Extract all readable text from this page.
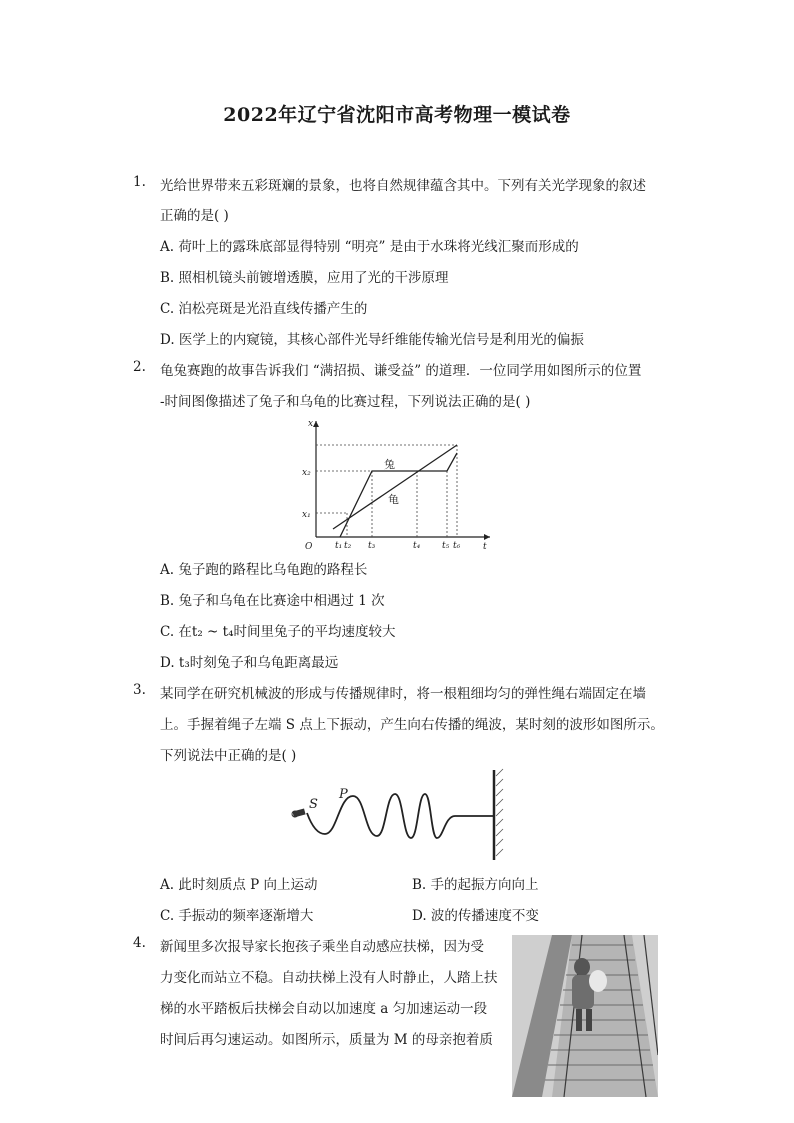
2022年辽宁省沈阳市高考物理一模试卷
1. 光给世界带来五彩斑斓的景象，也将自然规律蕴含其中。下列有关光学现象的叙述
正确的是( )
A. 荷叶上的露珠底部显得特别 “明亮” 是由于水珠将光线汇聚而形成的
B. 照相机镜头前镀增透膜，应用了光的干涉原理
C. 泊松亮斑是光沿直线传播产生的
D. 医学上的内窥镜，其核心部件光导纤维能传输光信号是利用光的偏振
2. 龟兔赛跑的故事告诉我们 “满招损、谦受益” 的道理．一位同学用如图所示的位置
-时间图像描述了兔子和乌龟的比赛过程，下列说法正确的是( )
x
t
O
x₂
x₁
t₁ t₂ t₃	t₄ t₅ t₆
兔
龟
A. 兔子跑的路程比乌龟跑的路程长
B. 兔子和乌龟在比赛途中相遇过 1 次
C. 在t₂ ~ t₄时间里兔子的平均速度较大
D. t₃时刻兔子和乌龟距离最远
3. 某同学在研究机械波的形成与传播规律时，将一根粗细均匀的弹性绳右端固定在墙
上。手握着绳子左端 S 点上下振动，产生向右传播的绳波，某时刻的波形如图所示。
下列说法中正确的是( )
S
P
A. 此时刻质点 P 向上运动	B. 手的起振方向向上
C. 手振动的频率逐渐增大	D. 波的传播速度不变
4. 新闻里多次报导家长抱孩子乘坐自动感应扶梯，因为受
力变化而站立不稳。自动扶梯上没有人时静止，人踏上扶
梯的水平踏板后扶梯会自动以加速度 a 匀加速运动一段
时间后再匀速运动。如图所示，质量为 M 的母亲抱着质
